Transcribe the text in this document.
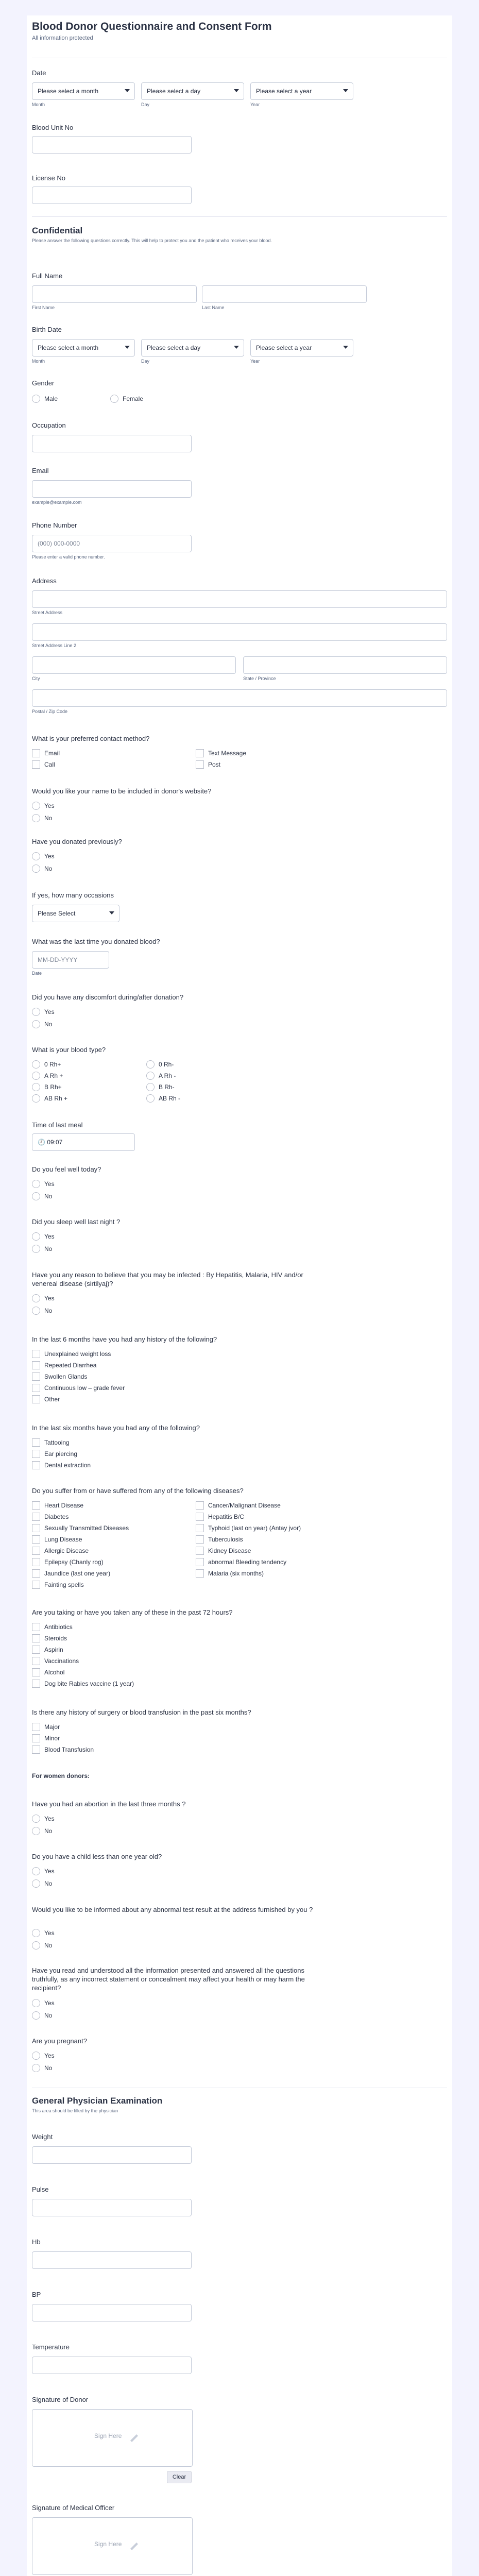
Blood Donor Questionnaire and Consent Form
All information protected
Date
Please select a month	Please select a day	Please select a year
Month	Day	Year
Blood Unit No
License No
Confidential
Please answer the following questions correctly. This will help to protect you and the patient who receives your blood.
Full Name
First Name	Last Name
Birth Date
Please select a month	Please select a day	Please select a year
Month	Day	Year
Gender
Male	Female
Occupation
Email
example@example.com
Phone Number
(000) 000-0000
Please enter a valid phone number.
Address
Street Address
Street Address Line 2
City	State / Province
Postal / Zip Code
What is your preferred contact method?
Email
Call
Text Message
Post
Would you like your name to be included in donor's website?
Yes
No
Have you donated previously?
Yes
No
If yes, how many occasions
Please Select
What was the last time you donated blood?
MM-DD-YYYY
Date
Did you have any discomfort during/after donation?
Yes
No
What is your blood type?
0 Rh+
A Rh +
B Rh+
AB Rh +
0 Rh-
A Rh -
B Rh-
AB Rh -
Time of last meal
🕘 09:07
Do you feel well today?
Yes
No
Did you sleep well last night ?
Yes
No
Have you any reason to believe that you may be infected : By Hepatitis, Malaria, HIV and/or venereal disease (sirtilyaj)?
Yes
No
In the last 6 months have you had any history of the following?
Unexplained weight loss
Repeated Diarrhea
Swollen Glands
Continuous low – grade fever
Other
In the last six months have you had any of the following?
Tattooing
Ear piercing
Dental extraction
Do you suffer from or have suffered from any of the following diseases?
Heart Disease
Diabetes
Sexually Transmitted Diseases
Lung Disease
Allergic Disease
Epilepsy (Chanly rog)
Jaundice (last one year)
Fainting spells
Cancer/Malignant Disease
Hepatitis B/C
Typhoid (last on year) (Antay jvor)
Tuberculosis
Kidney Disease
abnormal Bleeding tendency
Malaria (six months)
Are you taking or have you taken any of these in the past 72 hours?
Antibiotics
Steroids
Aspirin
Vaccinations
Alcohol
Dog bite Rabies vaccine (1 year)
Is there any history of surgery or blood transfusion in the past six months?
Major
Minor
Blood Transfusion
For women donors:
Have you had an abortion in the last three months ?
Yes
No
Do you have a child less than one year old?
Yes
No
Would you like to be informed about any abnormal test result at the address furnished by you ?
Yes
No
Have you read and understood all the information presented and answered all the questions truthfully, as any incorrect statement or concealment may affect your health or may harm the recipient?
Yes
No
Are you pregnant?
Yes
No
General Physician Examination
This area should be filled by the physician
Weight
Pulse
Hb
BP
Temperature
Signature of Donor
Sign Here
Clear
Signature of Medical Officer
Sign Here
